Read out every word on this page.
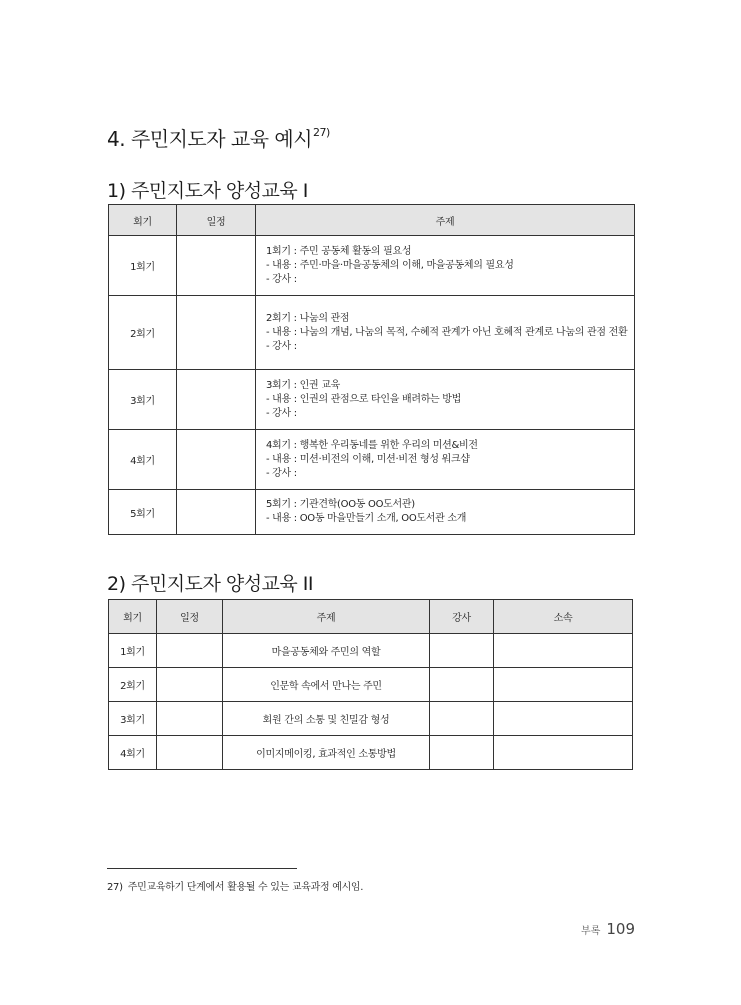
4. 주민지도자 교육 예시$^{27)}$
1) 주민지도자 양성교육 I
회기	일정	주제
1회기		1회기 : 주민 공동체 활동의 필요성
- 내용 : 주민·마을·마을공동체의 이해, 마을공동체의 필요성
- 강사 :

2회기		2회기 : 나눔의 관점
- 내용 : 나눔의 개념, 나눔의 목적, 수혜적 관계가 아닌 호혜적 관계로 나눔의 관점 전환
- 강사 :

3회기		3회기 : 인권 교육
- 내용 : 인권의 관점으로 타인을 배려하는 방법
- 강사 :

4회기		4회기 : 행복한 우리동네를 위한 우리의 미션&비전
- 내용 : 미션·비전의 이해, 미션·비전 형성 워크샵
- 강사 :

5회기		5회기 : 기관견학(OO동 OO도서관)
- 내용 : OO동 마을만들기 소개, OO도서관 소개
2) 주민지도자 양성교육 II
회기	일정	주제	강사	소속
1회기		마을공동체와 주민의 역할		
2회기		인문학 속에서 만나는 주민		
3회기		회원 간의 소통 및 친밀감 형성		
4회기		이미지메이킹, 효과적인 소통방법		
27) 주민교육하기 단계에서 활용될 수 있는 교육과정 예시임.
부록 109
